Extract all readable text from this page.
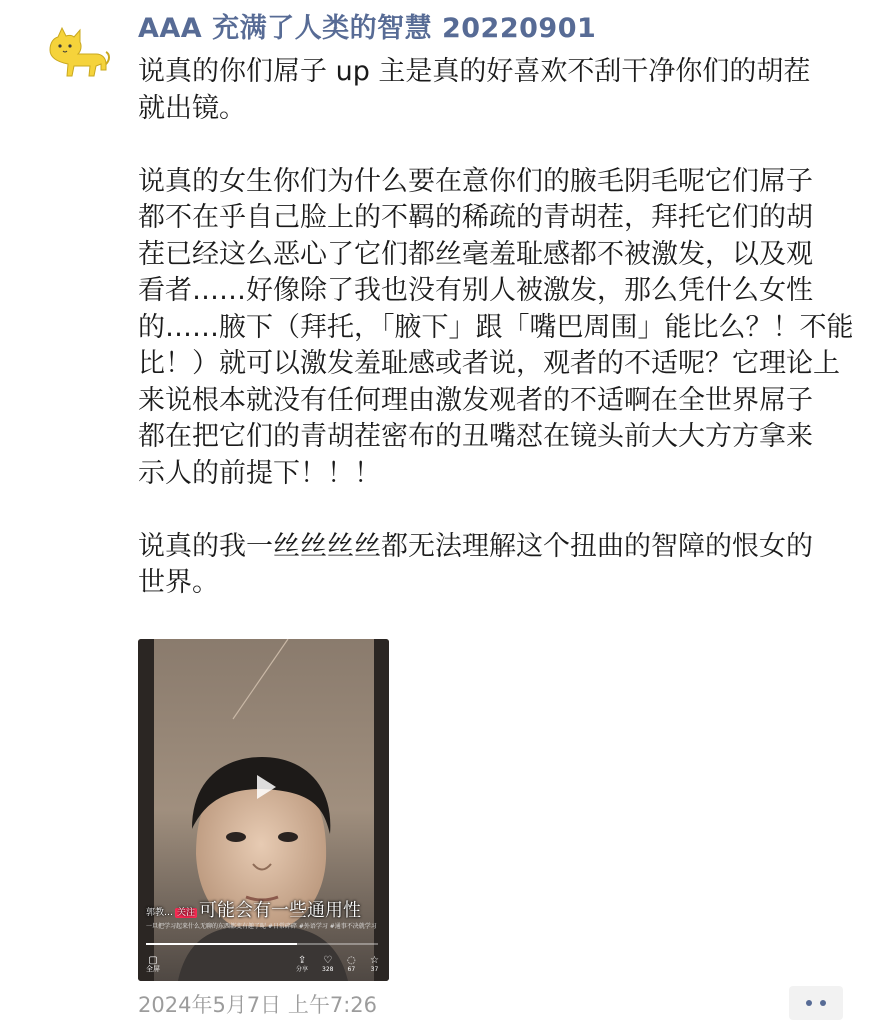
AAA 充满了人类的智慧 20220901

说真的你们屌子 up 主是真的好喜欢不刮干净你们的胡茬
就出镜。

说真的女生你们为什么要在意你们的腋毛阴毛呢它们屌子
都不在乎自己脸上的不羁的稀疏的青胡茬，拜托它们的胡
茬已经这么恶心了它们都丝毫羞耻感都不被激发，以及观
看者……好像除了我也没有别人被激发，那么凭什么女性
的……腋下（拜托，「腋下」跟「嘴巴周围」能比么？！不能
比！）就可以激发羞耻感或者说，观者的不适呢？它理论上
来说根本就没有任何理由激发观者的不适啊在全世界屌子
都在把它们的青胡茬密布的丑嘴怼在镜头前大大方方拿来
示人的前提下！！！

说真的我一丝丝丝丝都无法理解这个扭曲的智障的恨女的
世界。

郭教… 关注 可能会有一些通用性
一旦把学习起来什么无聊的东西都变有趣了呢 #日常碎碎 #外语学习 #通事不决就学习
▢
全屏
⇪
分享
♡
328
◌
67
☆
37
2024年5月7日 上午7:26
